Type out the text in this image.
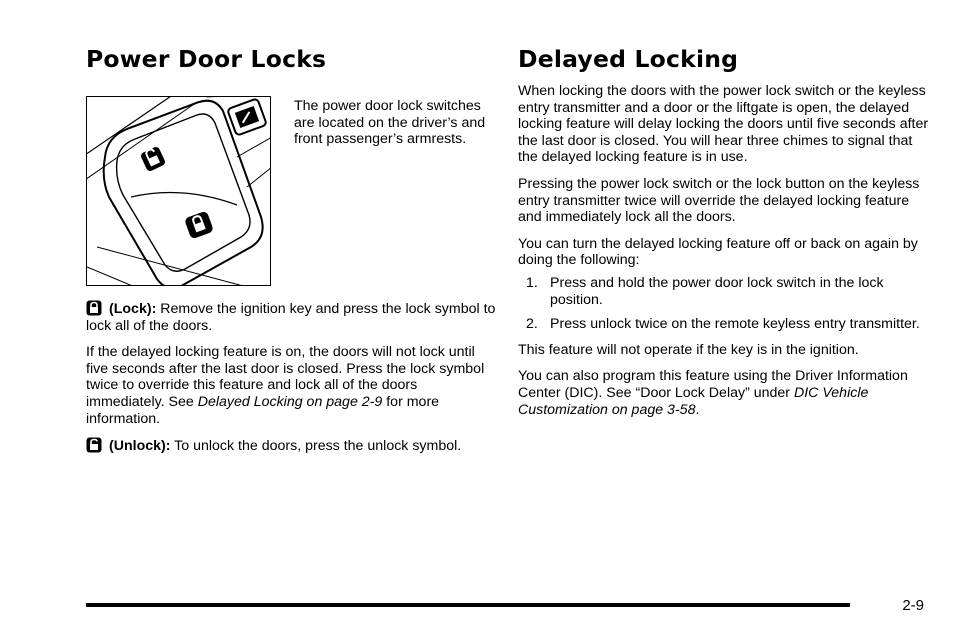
Power Door Locks
The power door lock switches are located on the driver’s and front passenger’s armrests.

(Lock): Remove the ignition key and press the lock symbol to lock all of the doors.

If the delayed locking feature is on, the doors will not lock until five seconds after the last door is closed. Press the lock symbol twice to override this feature and lock all of the doors immediately. See Delayed Locking on page 2-9 for more information.

(Unlock): To unlock the doors, press the unlock symbol.

Delayed Locking

When locking the doors with the power lock switch or the keyless entry transmitter and a door or the liftgate is open, the delayed locking feature will delay locking the doors until five seconds after the last door is closed. You will hear three chimes to signal that the delayed locking feature is in use.

Pressing the power lock switch or the lock button on the keyless entry transmitter twice will override the delayed locking feature and immediately lock all the doors.

You can turn the delayed locking feature off or back on again by doing the following:

1. Press and hold the power door lock switch in the lock position.
2. Press unlock twice on the remote keyless entry transmitter.

This feature will not operate if the key is in the ignition.

You can also program this feature using the Driver Information Center (DIC). See “Door Lock Delay” under DIC Vehicle Customization on page 3-58.

2-9
